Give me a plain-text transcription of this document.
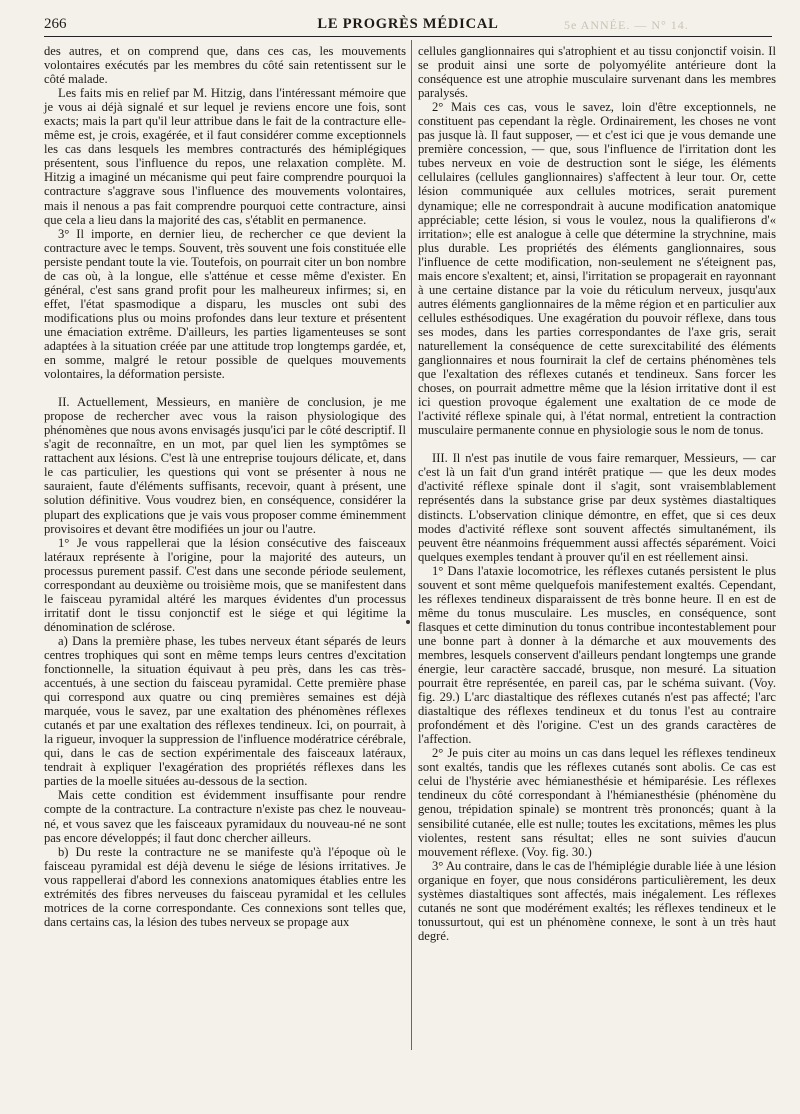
266	LE PROGRÈS MÉDICAL	5e ANNÉE. — N° 14.

des autres, et on comprend que, dans ces cas, les mouvements volontaires exécutés par les membres du côté sain retentissent sur le côté malade.

Les faits mis en relief par M. Hitzig, dans l'intéressant mémoire que je vous ai déjà signalé et sur lequel je reviens encore une fois, sont exacts; mais la part qu'il leur attribue dans le fait de la contracture elle-même est, je crois, exagérée, et il faut considérer comme exceptionnels les cas dans lesquels les membres contracturés des hémiplégiques présentent, sous l'influence du repos, une relaxation complète. M. Hitzig a imaginé un mécanisme qui peut faire comprendre pourquoi la contracture s'aggrave sous l'influence des mouvements volontaires, mais il nenous a pas fait comprendre pourquoi cette contracture, ainsi que cela a lieu dans la majorité des cas, s'établit en permanence.

3° Il importe, en dernier lieu, de rechercher ce que devient la contracture avec le temps. Souvent, très souvent une fois constituée elle persiste pendant toute la vie. Toutefois, on pourrait citer un bon nombre de cas où, à la longue, elle s'atténue et cesse même d'exister. En général, c'est sans grand profit pour les malheureux infirmes; si, en effet, l'état spasmodique a disparu, les muscles ont subi des modifications plus ou moins profondes dans leur texture et présentent une émaciation extrême. D'ailleurs, les parties ligamenteuses se sont adaptées à la situation créée par une attitude trop longtemps gardée, et, en somme, malgré le retour possible de quelques mouvements volontaires, la déformation persiste.

II. Actuellement, Messieurs, en manière de conclusion, je me propose de rechercher avec vous la raison physiologique des phénomènes que nous avons envisagés jusqu'ici par le côté descriptif. Il s'agit de reconnaître, en un mot, par quel lien les symptômes se rattachent aux lésions. C'est là une entreprise toujours délicate, et, dans le cas particulier, les questions qui vont se présenter à nous ne sauraient, faute d'éléments suffisants, recevoir, quant à présent, une solution définitive. Vous voudrez bien, en conséquence, considérer la plupart des explications que je vais vous proposer comme éminemment provisoires et devant être modifiées un jour ou l'autre.

1° Je vous rappellerai que la lésion consécutive des faisceaux latéraux représente à l'origine, pour la majorité des auteurs, un processus purement passif. C'est dans une seconde période seulement, correspondant au deuxième ou troisième mois, que se manifestent dans le faisceau pyramidal altéré les marques évidentes d'un processus irritatif dont le tissu conjonctif est le siége et qui légitime la dénomination de sclérose.

a) Dans la première phase, les tubes nerveux étant séparés de leurs centres trophiques qui sont en même temps leurs centres d'excitation fonctionnelle, la situation équivaut à peu près, dans les cas très-accentués, à une section du faisceau pyramidal. Cette première phase qui correspond aux quatre ou cinq premières semaines est déjà marquée, vous le savez, par une exaltation des phénomènes réflexes cutanés et par une exaltation des réflexes tendineux. Ici, on pourrait, à la rigueur, invoquer la suppression de l'influence modératrice cérébrale, qui, dans le cas de section expérimentale des faisceaux latéraux, tendrait à expliquer l'exagération des propriétés réflexes dans les parties de la moelle situées au-dessous de la section.

Mais cette condition est évidemment insuffisante pour rendre compte de la contracture. La contracture n'existe pas chez le nouveau-né, et vous savez que les faisceaux pyramidaux du nouveau-né ne sont pas encore développés; il faut donc chercher ailleurs.

b) Du reste la contracture ne se manifeste qu'à l'époque où le faisceau pyramidal est déjà devenu le siége de lésions irritatives. Je vous rappellerai d'abord les connexions anatomiques établies entre les extrémités des fibres nerveuses du faisceau pyramidal et les cellules motrices de la corne correspondante. Ces connexions sont telles que, dans certains cas, la lésion des tubes nerveux se propage aux

cellules ganglionnaires qui s'atrophient et au tissu conjonctif voisin. Il se produit ainsi une sorte de polyomyélite antérieure dont la conséquence est une atrophie musculaire survenant dans les membres paralysés.

2° Mais ces cas, vous le savez, loin d'être exceptionnels, ne constituent pas cependant la règle. Ordinairement, les choses ne vont pas jusque là. Il faut supposer, — et c'est ici que je vous demande une première concession, — que, sous l'influence de l'irritation dont les tubes nerveux en voie de destruction sont le siége, les éléments cellulaires (cellules ganglionnaires) s'affectent à leur tour. Or, cette lésion communiquée aux cellules motrices, serait purement dynamique; elle ne correspondrait à aucune modification anatomique appréciable; cette lésion, si vous le voulez, nous la qualifierons d'« irritation»; elle est analogue à celle que détermine la strychnine, mais plus durable. Les propriétés des éléments ganglionnaires, sous l'influence de cette modification, non-seulement ne s'éteignent pas, mais encore s'exaltent; et, ainsi, l'irritation se propagerait en rayonnant à une certaine distance par la voie du réticulum nerveux, jusqu'aux autres éléments ganglionnaires de la même région et en particulier aux cellules esthésodiques. Une exagération du pouvoir réflexe, dans tous ses modes, dans les parties correspondantes de l'axe gris, serait naturellement la conséquence de cette surexcitabilité des éléments ganglionnaires et nous fournirait la clef de certains phénomènes tels que l'exaltation des réflexes cutanés et tendineux. Sans forcer les choses, on pourrait admettre même que la lésion irritative dont il est ici question provoque également une exaltation de ce mode de l'activité réflexe spinale qui, à l'état normal, entretient la contraction musculaire permanente connue en physiologie sous le nom de tonus.

III. Il n'est pas inutile de vous faire remarquer, Messieurs, — car c'est là un fait d'un grand intérêt pratique — que les deux modes d'activité réflexe spinale dont il s'agit, sont vraisemblablement représentés dans la substance grise par deux systèmes diastaltiques distincts. L'observation clinique démontre, en effet, que si ces deux modes d'activité réflexe sont souvent affectés simultanément, ils peuvent être néanmoins fréquemment aussi affectés séparément. Voici quelques exemples tendant à prouver qu'il en est réellement ainsi.

1° Dans l'ataxie locomotrice, les réflexes cutanés persistent le plus souvent et sont même quelquefois manifestement exaltés. Cependant, les réflexes tendineux disparaissent de très bonne heure. Il en est de même du tonus musculaire. Les muscles, en conséquence, sont flasques et cette diminution du tonus contribue incontestablement pour une bonne part à donner à la démarche et aux mouvements des membres, lesquels conservent d'ailleurs pendant longtemps une grande énergie, leur caractère saccadé, brusque, non mesuré. La situation pourrait être représentée, en pareil cas, par le schéma suivant. (Voy. fig. 29.) L'arc diastaltique des réflexes cutanés n'est pas affecté; l'arc diastaltique des réflexes tendineux et du tonus l'est au contraire profondément et dès l'origine. C'est un des grands caractères de l'affection.

2° Je puis citer au moins un cas dans lequel les réflexes tendineux sont exaltés, tandis que les réflexes cutanés sont abolis. Ce cas est celui de l'hystérie avec hémianesthésie et hémiparésie. Les réflexes tendineux du côté correspondant à l'hémianesthésie (phénomène du genou, trépidation spinale) se montrent très prononcés; quant à la sensibilité cutanée, elle est nulle; toutes les excitations, mêmes les plus violentes, restent sans résultat; elles ne sont suivies d'aucun mouvement réflexe. (Voy. fig. 30.)

3° Au contraire, dans le cas de l'hémiplégie durable liée à une lésion organique en foyer, que nous considérons particulièrement, les deux systèmes diastaltiques sont affectés, mais inégalement. Les réflexes cutanés ne sont que modérément exaltés; les réflexes tendineux et le tonussurtout, qui est un phénomène connexe, le sont à un très haut degré.
